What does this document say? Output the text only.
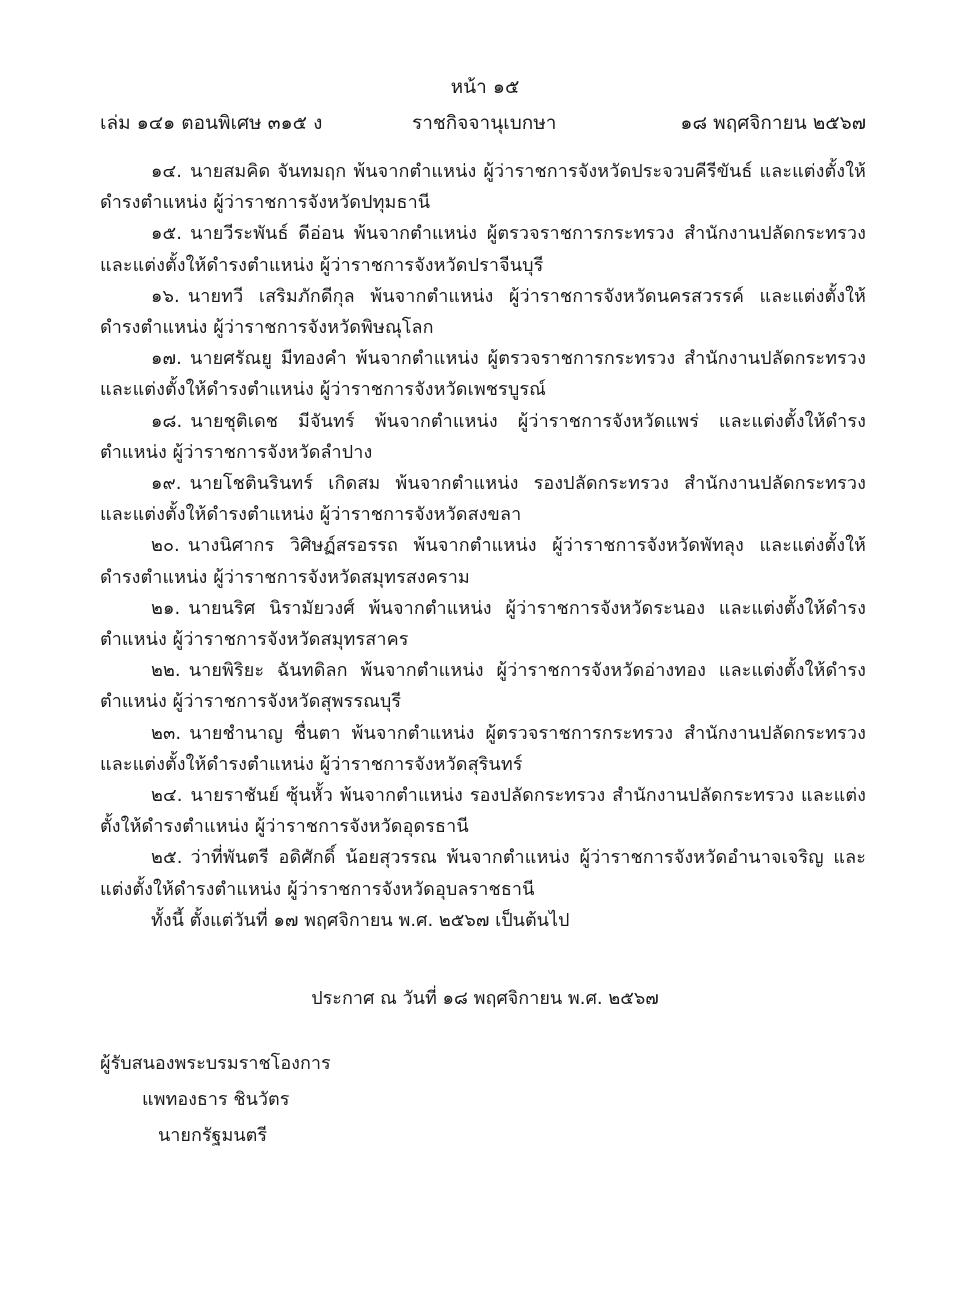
หน้า ๑๕
เล่ม ๑๔๑ ตอนพิเศษ ๓๑๕ ง	ราชกิจจานุเบกษา	๑๘ พฤศจิกายน ๒๕๖๗

๑๔. นายสมคิด จันทมฤก พ้นจากตำแหน่ง ผู้ว่าราชการจังหวัดประจวบคีรีขันธ์ และแต่งตั้งให้ดำรงตำแหน่ง ผู้ว่าราชการจังหวัดปทุมธานี

๑๕. นายวีระพันธ์ ดีอ่อน พ้นจากตำแหน่ง ผู้ตรวจราชการกระทรวง สำนักงานปลัดกระทรวง และแต่งตั้งให้ดำรงตำแหน่ง ผู้ว่าราชการจังหวัดปราจีนบุรี

๑๖. นายทวี เสริมภักดีกุล พ้นจากตำแหน่ง ผู้ว่าราชการจังหวัดนครสวรรค์ และแต่งตั้งให้ดำรงตำแหน่ง ผู้ว่าราชการจังหวัดพิษณุโลก

๑๗. นายศรัณยู มีทองคำ พ้นจากตำแหน่ง ผู้ตรวจราชการกระทรวง สำนักงานปลัดกระทรวง และแต่งตั้งให้ดำรงตำแหน่ง ผู้ว่าราชการจังหวัดเพชรบูรณ์

๑๘. นายชุติเดช มีจันทร์ พ้นจากตำแหน่ง ผู้ว่าราชการจังหวัดแพร่ และแต่งตั้งให้ดำรงตำแหน่ง ผู้ว่าราชการจังหวัดลำปาง

๑๙. นายโชตินรินทร์ เกิดสม พ้นจากตำแหน่ง รองปลัดกระทรวง สำนักงานปลัดกระทรวง และแต่งตั้งให้ดำรงตำแหน่ง ผู้ว่าราชการจังหวัดสงขลา

๒๐. นางนิศากร วิศิษฏ์สรอรรถ พ้นจากตำแหน่ง ผู้ว่าราชการจังหวัดพัทลุง และแต่งตั้งให้ดำรงตำแหน่ง ผู้ว่าราชการจังหวัดสมุทรสงคราม

๒๑. นายนริศ นิรามัยวงศ์ พ้นจากตำแหน่ง ผู้ว่าราชการจังหวัดระนอง และแต่งตั้งให้ดำรงตำแหน่ง ผู้ว่าราชการจังหวัดสมุทรสาคร

๒๒. นายพิริยะ ฉันทดิลก พ้นจากตำแหน่ง ผู้ว่าราชการจังหวัดอ่างทอง และแต่งตั้งให้ดำรงตำแหน่ง ผู้ว่าราชการจังหวัดสุพรรณบุรี

๒๓. นายชำนาญ ชื่นตา พ้นจากตำแหน่ง ผู้ตรวจราชการกระทรวง สำนักงานปลัดกระทรวง และแต่งตั้งให้ดำรงตำแหน่ง ผู้ว่าราชการจังหวัดสุรินทร์

๒๔. นายราชันย์ ซุ้นหั้ว พ้นจากตำแหน่ง รองปลัดกระทรวง สำนักงานปลัดกระทรวง และแต่งตั้งให้ดำรงตำแหน่ง ผู้ว่าราชการจังหวัดอุดรธานี

๒๕. ว่าที่พันตรี อดิศักดิ์ น้อยสุวรรณ พ้นจากตำแหน่ง ผู้ว่าราชการจังหวัดอำนาจเจริญ และแต่งตั้งให้ดำรงตำแหน่ง ผู้ว่าราชการจังหวัดอุบลราชธานี

ทั้งนี้ ตั้งแต่วันที่ ๑๗ พฤศจิกายน พ.ศ. ๒๕๖๗ เป็นต้นไป

ประกาศ ณ วันที่ ๑๘ พฤศจิกายน พ.ศ. ๒๕๖๗
ผู้รับสนองพระบรมราชโองการ
แพทองธาร ชินวัตร
นายกรัฐมนตรี
